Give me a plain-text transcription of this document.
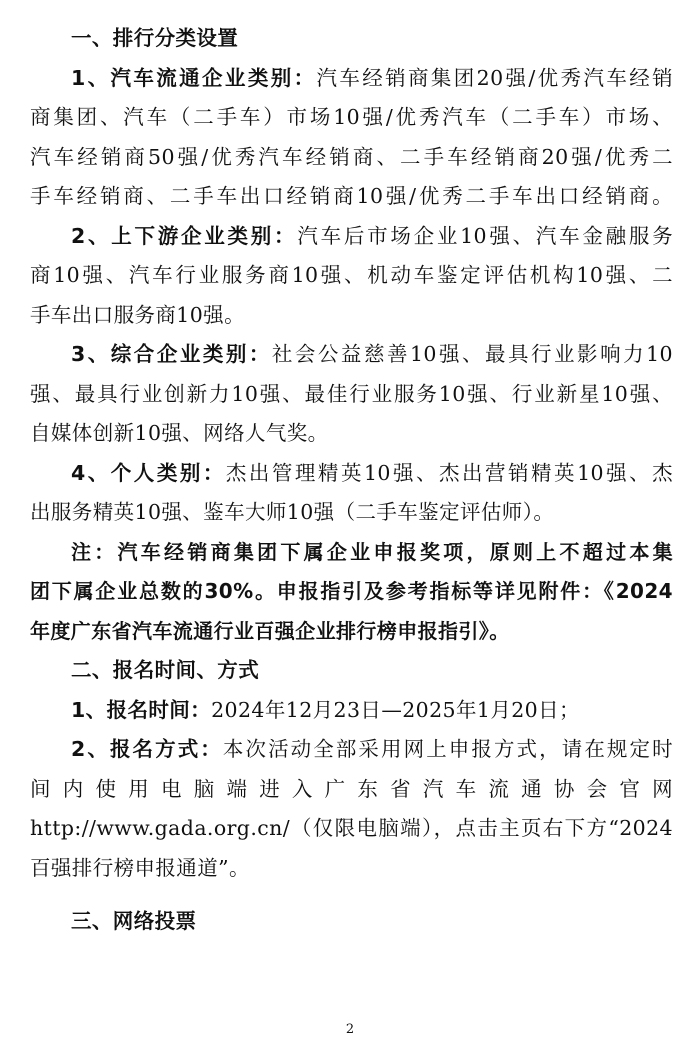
一、排行分类设置
1、汽车流通企业类别：汽车经销商集团20强/优秀汽车经销
商集团、汽车（二手车）市场10强/优秀汽车（二手车）市场、
汽车经销商50强/优秀汽车经销商、二手车经销商20强/优秀二
手车经销商、二手车出口经销商10强/优秀二手车出口经销商。
2、上下游企业类别：汽车后市场企业10强、汽车金融服务
商10强、汽车行业服务商10强、机动车鉴定评估机构10强、二
手车出口服务商10强。
3、综合企业类别：社会公益慈善10强、最具行业影响力10
强、最具行业创新力10强、最佳行业服务10强、行业新星10强、
自媒体创新10强、网络人气奖。
4、个人类别：杰出管理精英10强、杰出营销精英10强、杰
出服务精英10强、鉴车大师10强（二手车鉴定评估师）。
注：汽车经销商集团下属企业申报奖项，原则上不超过本集
团下属企业总数的30%。申报指引及参考指标等详见附件：《2024
年度广东省汽车流通行业百强企业排行榜申报指引》。
二、报名时间、方式
1、报名时间：2024年12月23日—2025年1月20日；
2、报名方式：本次活动全部采用网上申报方式，请在规定时
间内使用电脑端进入广东省汽车流通协会官网
http://www.gada.org.cn/（仅限电脑端），点击主页右下方“2024
百强排行榜申报通道”。
三、网络投票
2
